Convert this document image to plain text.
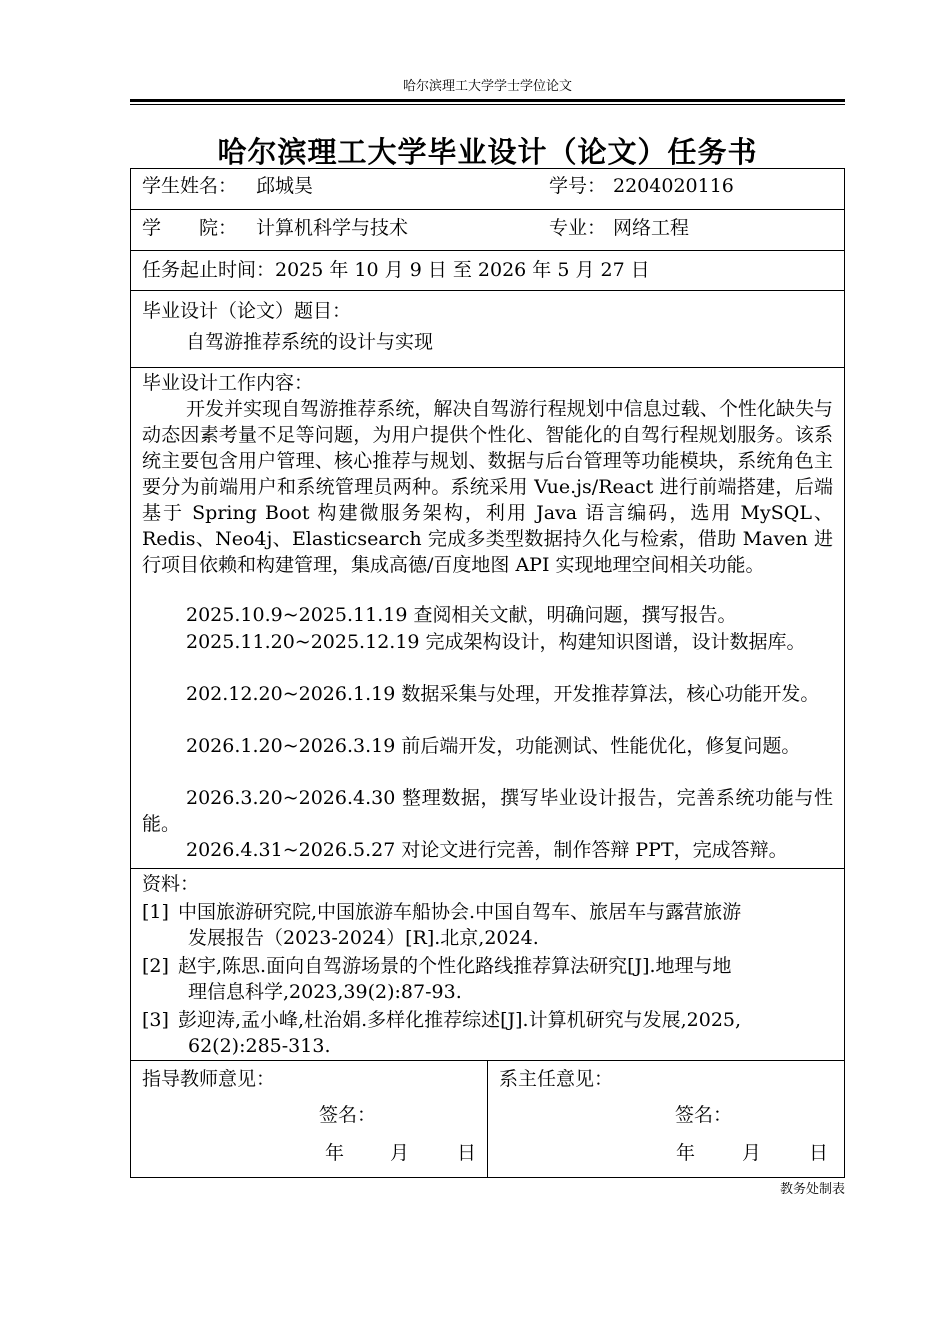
哈尔滨理工大学学士学位论文
哈尔滨理工大学毕业设计（论文）任务书
学生姓名： 邱城昊	学号： 2204020116
学　　院： 计算机科学与技术	专业： 网络工程
任务起止时间：2025 年 10 月 9 日 至 2026 年 5 月 27 日
毕业设计（论文）题目：
自驾游推荐系统的设计与实现
毕业设计工作内容：
开发并实现自驾游推荐系统，解决自驾游行程规划中信息过载、个性化缺失与动态因素考量不足等问题，为用户提供个性化、智能化的自驾行程规划服务。该系统主要包含用户管理、核心推荐与规划、数据与后台管理等功能模块，系统角色主要分为前端用户和系统管理员两种。系统采用 Vue.js/React 进行前端搭建，后端基于 Spring Boot 构建微服务架构，利用 Java 语言编码，选用 MySQL、Redis、Neo4j、Elasticsearch 完成多类型数据持久化与检索，借助 Maven 进行项目依赖和构建管理，集成高德/百度地图 API 实现地理空间相关功能。
2025.10.9~2025.11.19 查阅相关文献，明确问题，撰写报告。
2025.11.20~2025.12.19 完成架构设计，构建知识图谱，设计数据库。
202.12.20~2026.1.19 数据采集与处理，开发推荐算法，核心功能开发。
2026.1.20~2026.3.19 前后端开发，功能测试、性能优化，修复问题。
2026.3.20~2026.4.30 整理数据，撰写毕业设计报告，完善系统功能与性能。
2026.4.31~2026.5.27 对论文进行完善，制作答辩 PPT，完成答辩。
资料：
[1] 中国旅游研究院,中国旅游车船协会.中国自驾车、旅居车与露营旅游
发展报告（2023-2024）[R].北京,2024.
[2] 赵宇,陈思.面向自驾游场景的个性化路线推荐算法研究[J].地理与地
理信息科学,2023,39(2):87-93.
[3] 彭迎涛,孟小峰,杜治娟.多样化推荐综述[J].计算机研究与发展,2025,
62(2):285-313.
指导教师意见：
签名：
年 月	日
系主任意见：
签名：
年 月	日
教务处制表
